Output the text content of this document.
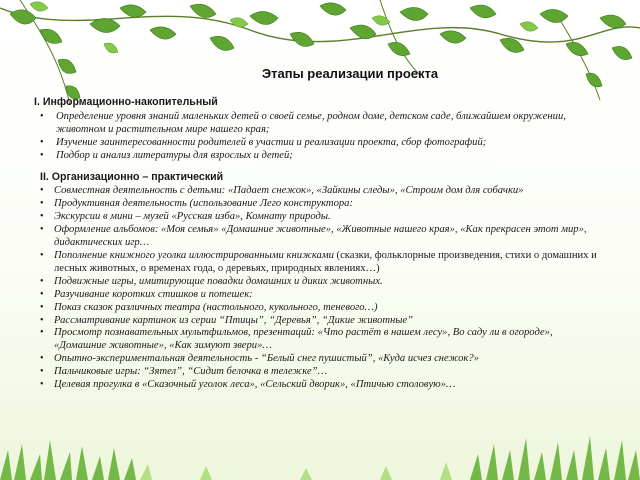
Этапы реализации проекта
I. Информационно-накопительный
• Определение уровня знаний маленьких детей о своей семье, родном доме, детском саде, ближайшем окружении, животном и растительном мире нашего края;
• Изучение заинтересованности родителей в участии и реализации проекта, сбор фотографий;
• Подбор и анализ литературы для взрослых и детей;
II. Организационно – практический
• Совместная деятельность с детьми: «Падает снежок», «Зайкины следы», «Строим дом для собачки»
• Продуктивная деятельность (использование Лего конструктора:
• Экскурсии в мини – музей «Русская изба», Комнату природы.
• Оформление альбомов: «Моя семья» «Домашние животные», «Животные нашего края», «Как прекрасен этот мир», дидактических игр…
• Пополнение книжного уголка иллюстрированными книжками (сказки, фольклорные произведения, стихи о домашних и лесных животных, о временах года, о деревьях, природных явлениях…)
• Подвижные игры, имитирующие повадки домашних и диких животных.
• Разучивание коротких стишков и потешек:
• Показ сказок различных театра (настольного, кукольного, теневого…)
• Рассматривание картинок из серии “Птицы”, “Деревья”, “Дикие животные”
• Просмотр познавательных мультфильмов, презентаций: «Что растёт в нашем лесу», Во саду ли в огороде», «Домашние животные», «Как зимуют звери»…
• Опытно-экспериментальная деятельность - “Белый снег пушистый”, «Куда исчез снежок?»
• Пальчиковые игры: “Зятел”, “Сидит белочка в тележке”…
• Целевая прогулка в «Сказочный уголок леса», «Сельский дворик», «Птичью столовую»…
